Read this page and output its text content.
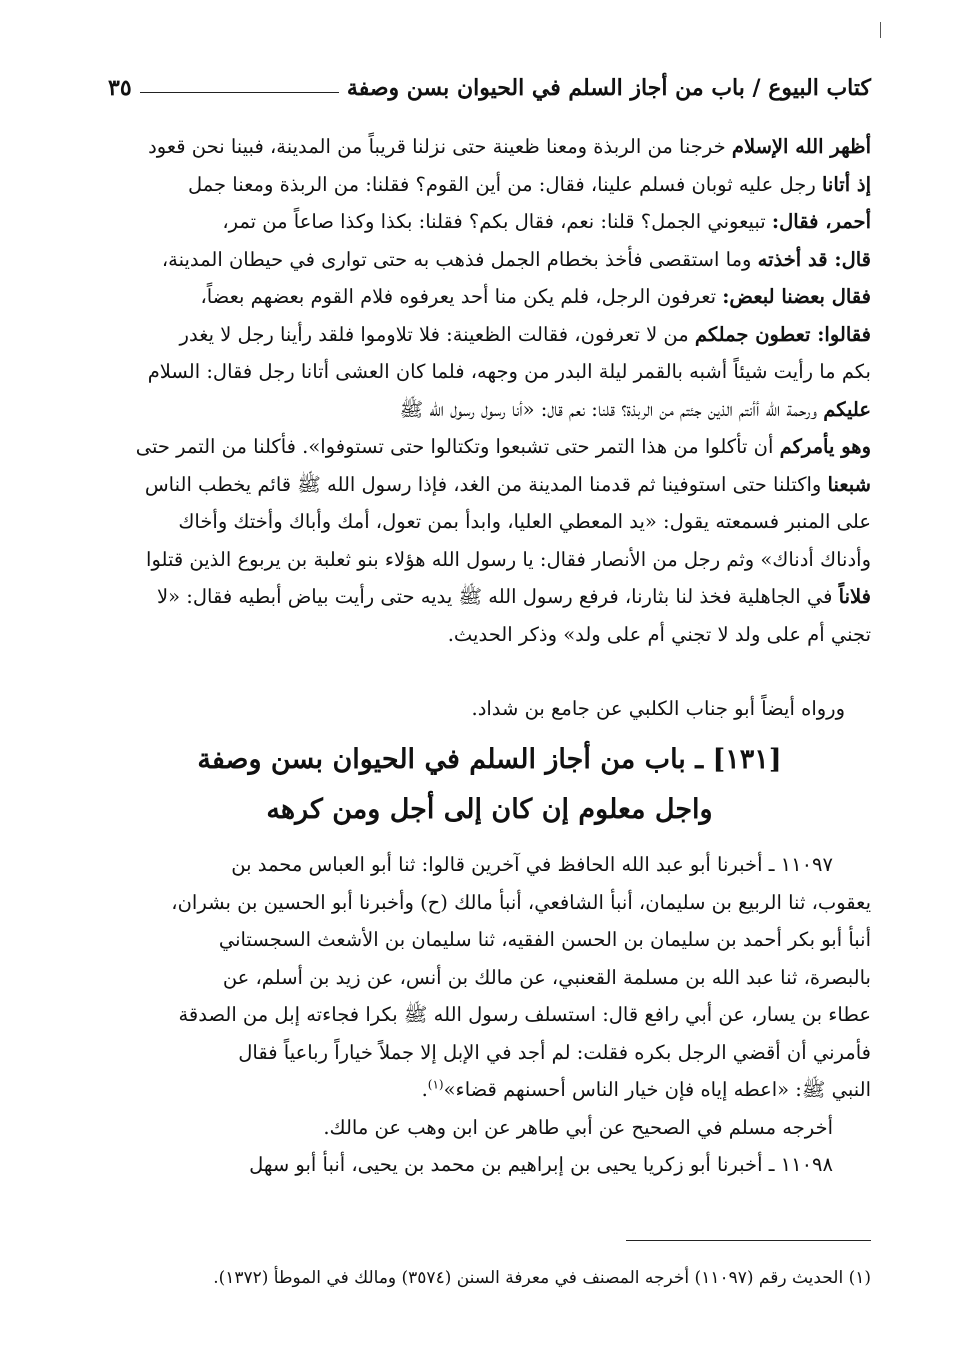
كتاب البيوع / باب من أجاز السلم في الحيوان بسن وصفة
٣٥
أظهر الله الإسلام خرجنا من الربذة ومعنا ظعينة حتى نزلنا قريباً من المدينة، فبينا نحن قعود
إذ أتانا رجل عليه ثوبان فسلم علينا، فقال: من أين القوم؟ فقلنا: من الربذة ومعنا جمل
أحمر، فقال: تبيعوني الجمل؟ قلنا: نعم، فقال بكم؟ فقلنا: بكذا وكذا صاعاً من تمر،
قال: قد أخذته وما استقصى فأخذ بخطام الجمل فذهب به حتى توارى في حيطان المدينة،
فقال بعضنا لبعض: تعرفون الرجل، فلم يكن منا أحد يعرفوه فلام القوم بعضهم بعضاً،
فقالوا: تعطون جملكم من لا تعرفون، فقالت الظعينة: فلا تلاوموا فلقد رأينا رجل لا يغدر
بكم ما رأيت شيئاً أشبه بالقمر ليلة البدر من وجهه، فلما كان العشى أتانا رجل فقال: السلام
عليكم ورحمة الله أأنتم الذين جئتم من الربذة؟ قلنا: نعم قال: «أنا رسول رسول الله ﷺ
وهو يأمركم أن تأكلوا من هذا التمر حتى تشبعوا وتكتالوا حتى تستوفوا». فأكلنا من التمر حتى
شبعنا واكتلنا حتى استوفينا ثم قدمنا المدينة من الغد، فإذا رسول الله ﷺ قائم يخطب الناس
على المنبر فسمعته يقول: «يد المعطي العليا، وابدأ بمن تعول، أمك وأباك وأختك وأخاك
وأدناك أدناك» وثم رجل من الأنصار فقال: يا رسول الله هؤلاء بنو ثعلبة بن يربوع الذين قتلوا
فلاناً في الجاهلية فخذ لنا بثارنا، فرفع رسول الله ﷺ يديه حتى رأيت بياض أبطيه فقال: «لا
تجني أم على ولد لا تجني أم على ولد» وذكر الحديث.
ورواه أيضاً أبو جناب الكلبي عن جامع بن شداد.
[١٣١] ـ باب من أجاز السلم في الحيوان بسن وصفة
واجل معلوم إن كان إلى أجل ومن كرهه
١١٠٩٧ ـ أخبرنا أبو عبد الله الحافظ في آخرين قالوا: ثنا أبو العباس محمد بن
يعقوب، ثنا الربيع بن سليمان، أنبأ الشافعي، أنبأ مالك (ح) وأخبرنا أبو الحسين بن بشران،
أنبأ أبو بكر أحمد بن سليمان بن الحسن الفقيه، ثنا سليمان بن الأشعث السجستاني
بالبصرة، ثنا عبد الله بن مسلمة القعنبي، عن مالك بن أنس، عن زيد بن أسلم، عن
عطاء بن يسار، عن أبي رافع قال: استسلف رسول الله ﷺ بكرا فجاءته إبل من الصدقة
فأمرني أن أقضي الرجل بكره فقلت: لم أجد في الإبل إلا جملاً خياراً رباعياً فقال
النبي ﷺ: «اعطه إياه فإن خيار الناس أحسنهم قضاء»$^{(١)}$.
أخرجه مسلم في الصحيح عن أبي طاهر عن ابن وهب عن مالك.
١١٠٩٨ ـ أخبرنا أبو زكريا يحيى بن إبراهيم بن محمد بن يحيى، أنبأ أبو سهل
(١) الحديث رقم (١١٠٩٧) أخرجه المصنف في معرفة السنن (٣٥٧٤) ومالك في الموطأ (١٣٧٢).
